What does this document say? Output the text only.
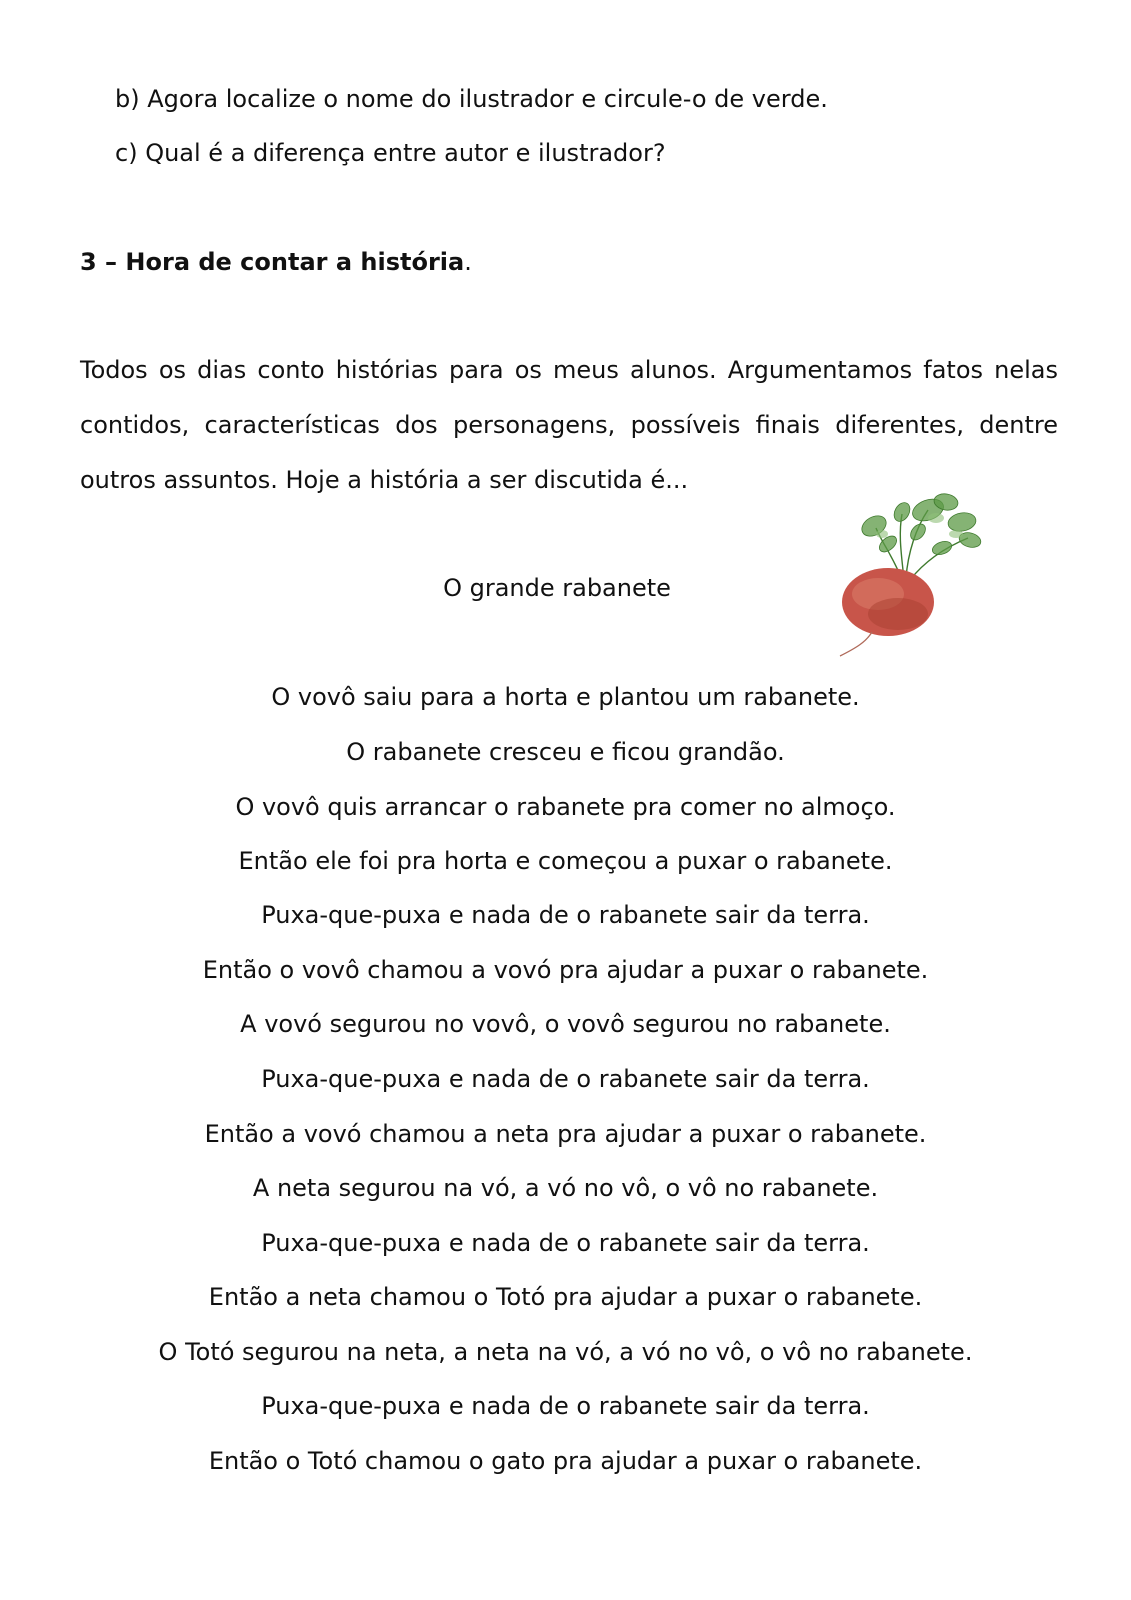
b) Agora localize o nome do ilustrador e circule-o de verde.
c) Qual é a diferença entre autor e ilustrador?
3 – Hora de contar a história.
Todos os dias conto histórias para os meus alunos. Argumentamos fatos nelas
contidos, características dos personagens, possíveis finais diferentes, dentre
outros assuntos. Hoje a história a ser discutida é...
O grande rabanete
O vovô saiu para a horta e plantou um rabanete.
O rabanete cresceu e ficou grandão.
O vovô quis arrancar o rabanete pra comer no almoço.
Então ele foi pra horta e começou a puxar o rabanete.
Puxa-que-puxa e nada de o rabanete sair da terra.
Então o vovô chamou a vovó pra ajudar a puxar o rabanete.
A vovó segurou no vovô, o vovô segurou no rabanete.
Puxa-que-puxa e nada de o rabanete sair da terra.
Então a vovó chamou a neta pra ajudar a puxar o rabanete.
A neta segurou na vó, a vó no vô, o vô no rabanete.
Puxa-que-puxa e nada de o rabanete sair da terra.
Então a neta chamou o Totó pra ajudar a puxar o rabanete.
O Totó segurou na neta, a neta na vó, a vó no vô, o vô no rabanete.
Puxa-que-puxa e nada de o rabanete sair da terra.
Então o Totó chamou o gato pra ajudar a puxar o rabanete.
